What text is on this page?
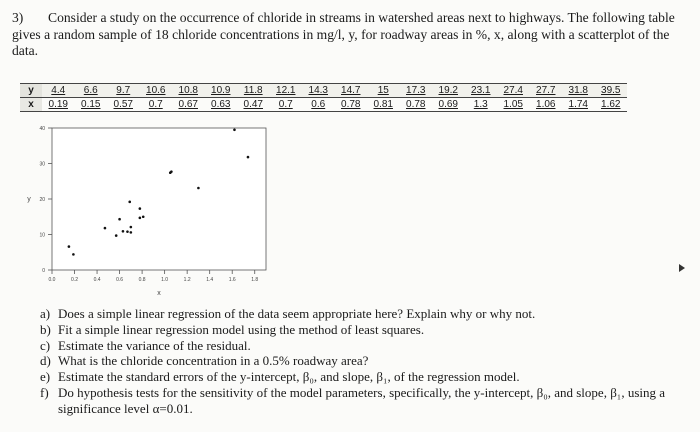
3) Consider a study on the occurrence of chloride in streams in watershed areas next to highways. The following table gives a random sample of 18 chloride concentrations in mg/l, y, for roadway areas in %, x, along with a scatterplot of the data.
y	4.4	6.6	9.7	10.6	10.8	10.9	11.8	12.1	14.3	14.7	15	17.3	19.2	23.1	27.4	27.7	31.8	39.5
x	0.19	0.15	0.57	0.7	0.67	0.63	0.47	0.7	0.6	0.78	0.81	0.78	0.69	1.3	1.05	1.06	1.74	1.62
0
10
20
30
40
0.0	0.2	0.4	0.6	0.8	1.0	1.2	1.4	1.6	1.8
x
y
a) Does a simple linear regression of the data seem appropriate here? Explain why or why not.
b) Fit a simple linear regression model using the method of least squares.
c) Estimate the variance of the residual.
d) What is the chloride concentration in a 0.5% roadway area?
e) Estimate the standard errors of the y-intercept, β₀, and slope, β₁, of the regression model.
f) Do hypothesis tests for the sensitivity of the model parameters, specifically, the y-intercept, β₀, and slope, β₁, using a significance level α=0.01.
